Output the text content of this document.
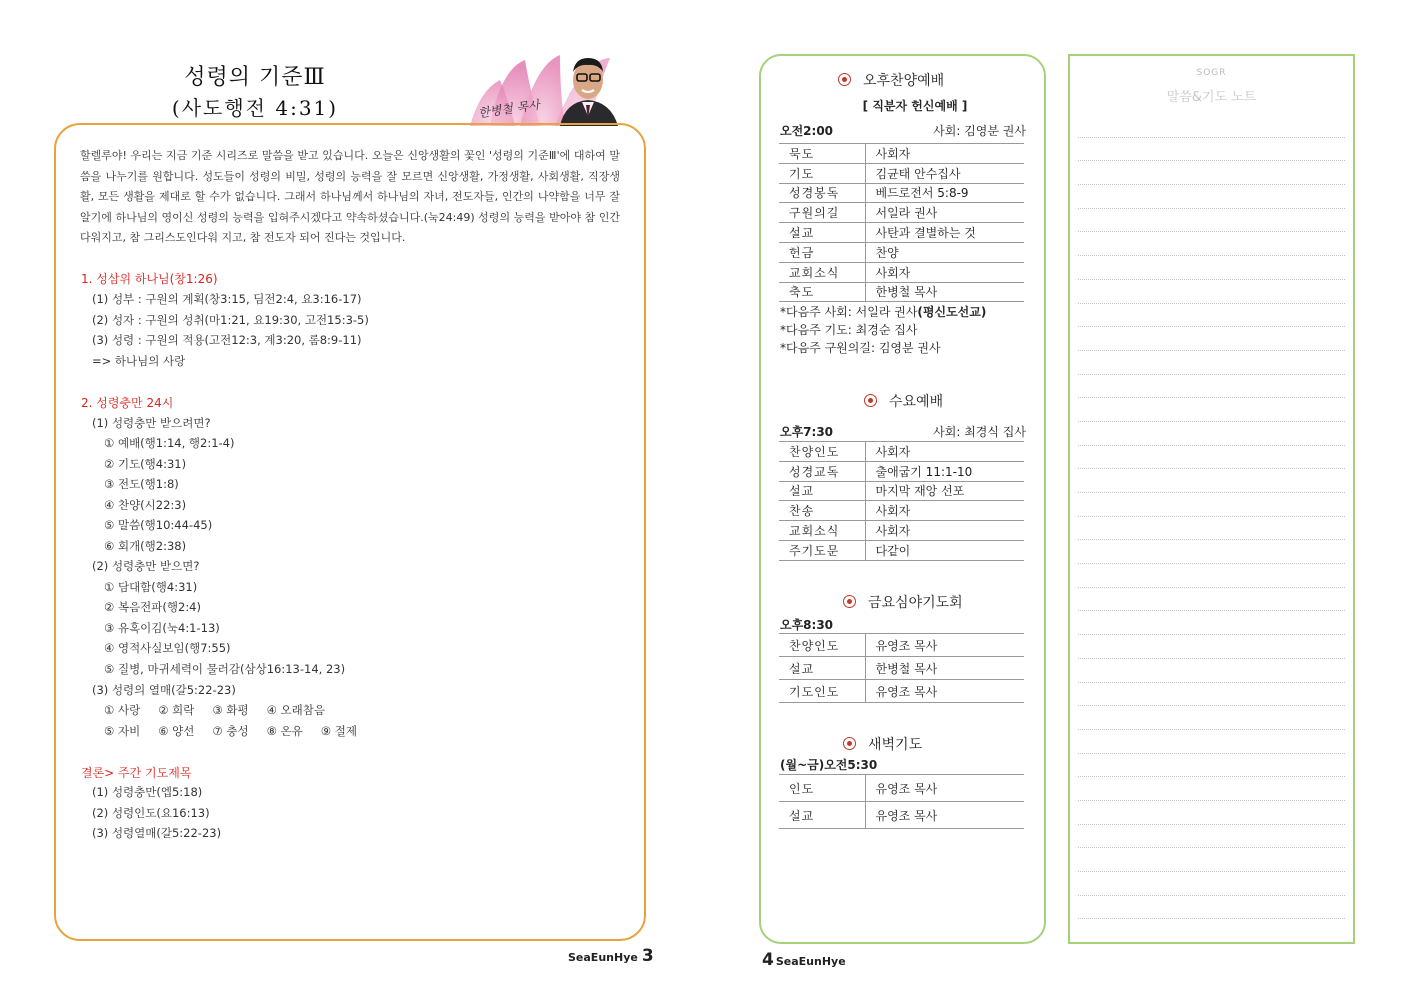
성령의 기준Ⅲ
(사도행전 4:31)	한병철 목사
할렐루야! 우리는 지금 기준 시리즈로 말씀을 받고 있습니다. 오늘은 신앙생활의 꽃인 '성령의 기준Ⅲ'에 대하여 말씀을 나누기를 원합니다. 성도들이 성령의 비밀, 성령의 능력을 잘 모르면 신앙생활, 가정생활, 사회생활, 직장생활, 모든 생활을 제대로 할 수가 없습니다. 그래서 하나님께서 하나님의 자녀, 전도자들, 인간의 나약함을 너무 잘 알기에 하나님의 영이신 성령의 능력을 입혀주시겠다고 약속하셨습니다.(눅24:49) 성령의 능력을 받아야 참 인간다워지고, 참 그리스도인다워 지고, 참 전도자 되어 진다는 것입니다.
1. 성삼위 하나님(창1:26)
(1) 성부 : 구원의 계획(창3:15, 딤전2:4, 요3:16-17)
(2) 성자 : 구원의 성취(마1:21, 요19:30, 고전15:3-5)
(3) 성령 : 구원의 적용(고전12:3, 계3:20, 롬8:9-11)
=> 하나님의 사랑
2. 성령충만 24시
(1) 성령충만 받으려면?
① 예배(행1:14, 행2:1-4)
② 기도(행4:31)
③ 전도(행1:8)
④ 찬양(시22:3)
⑤ 말씀(행10:44-45)
⑥ 회개(행2:38)
(2) 성령충만 받으면?
① 담대함(행4:31)
② 복음전파(행2:4)
③ 유혹이김(눅4:1-13)
④ 영적사실보임(행7:55)
⑤ 질병, 마귀세력이 물러감(삼상16:13-14, 23)
(3) 성령의 열매(갈5:22-23)
① 사랑 ② 희락 ③ 화평 ④ 오래참음
⑤ 자비 ⑥ 양선 ⑦ 충성 ⑧ 온유 ⑨ 절제
결론> 주간 기도제목
(1) 성령충만(엡5:18)
(2) 성령인도(요16:13)
(3) 성령열매(갈5:22-23)
SeaEunHye 3
오후찬양예배
[ 직분자 헌신예배 ]
오전2:00	사회: 김영분 권사
묵도	사회자
기도	김균태 안수집사
성경봉독	베드로전서 5:8-9
구원의길	서일라 권사
설교	사탄과 결별하는 것
헌금	찬양
교회소식	사회자
축도	한병철 목사
*다음주 사회: 서일라 권사(평신도선교)
*다음주 기도: 최경순 집사
*다음주 구원의길: 김영분 권사
수요예배
오후7:30	사회: 최경식 집사
찬양인도	사회자
성경교독	출애굽기 11:1-10
설교	마지막 재앙 선포
찬송	사회자
교회소식	사회자
주기도문	다같이
금요심야기도회
오후8:30
찬양인도	유영조 목사
설교	한병철 목사
기도인도	유영조 목사
새벽기도
(월~금)오전5:30
인도	유영조 목사
설교	유영조 목사
4 SeaEunHye
SOGR
말씀&기도 노트
